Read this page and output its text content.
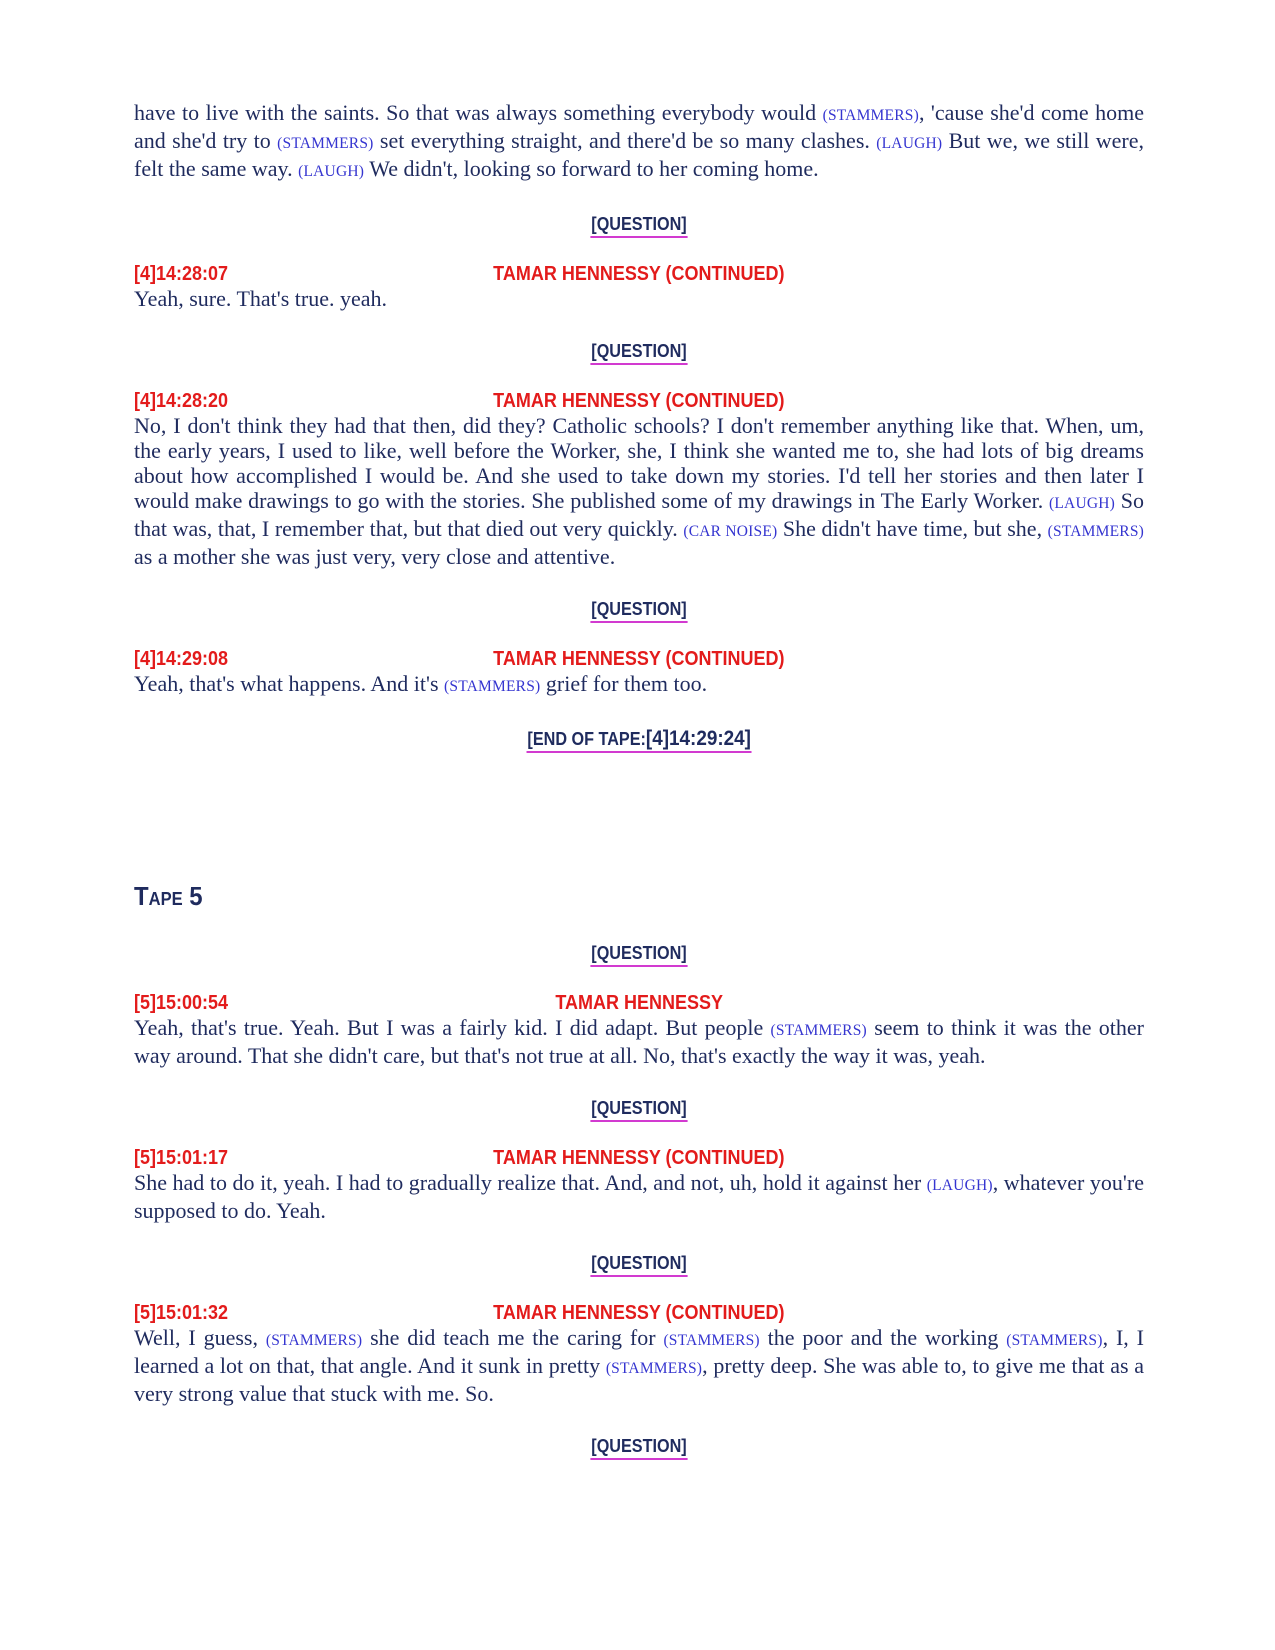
have to live with the saints. So that was always something everybody would (STAMMERS), 'cause she'd come home and she'd try to (STAMMERS) set everything straight, and there'd be so many clashes. (LAUGH) But we, we still were, felt the same way. (LAUGH) We didn't, looking so forward to her coming home.

[QUESTION]
TAMAR HENNESSY (CONTINUED)
[4]14:28:07

Yeah, sure. That's true. yeah.

[QUESTION]
TAMAR HENNESSY (CONTINUED)
[4]14:28:20

No, I don't think they had that then, did they? Catholic schools? I don't remember anything like that. When, um, the early years, I used to like, well before the Worker, she, I think she wanted me to, she had lots of big dreams about how accomplished I would be. And she used to take down my stories. I'd tell her stories and then later I would make drawings to go with the stories. She published some of my drawings in The Early Worker. (LAUGH) So that was, that, I remember that, but that died out very quickly. (CAR NOISE) She didn't have time, but she, (STAMMERS) as a mother she was just very, very close and attentive.

[QUESTION]
TAMAR HENNESSY (CONTINUED)
[4]14:29:08

Yeah, that's what happens. And it's (STAMMERS) grief for them too.

[END OF TAPE:[4]14:29:24]
Tape 5
[QUESTION]
TAMAR HENNESSY
[5]15:00:54

Yeah, that's true. Yeah. But I was a fairly kid. I did adapt. But people (STAMMERS) seem to think it was the other way around. That she didn't care, but that's not true at all. No, that's exactly the way it was, yeah.

[QUESTION]
TAMAR HENNESSY (CONTINUED)
[5]15:01:17

She had to do it, yeah. I had to gradually realize that. And, and not, uh, hold it against her (LAUGH), whatever you're supposed to do. Yeah.

[QUESTION]
TAMAR HENNESSY (CONTINUED)
[5]15:01:32

Well, I guess, (STAMMERS) she did teach me the caring for (STAMMERS) the poor and the working (STAMMERS), I, I learned a lot on that, that angle. And it sunk in pretty (STAMMERS), pretty deep. She was able to, to give me that as a very strong value that stuck with me. So.

[QUESTION]
